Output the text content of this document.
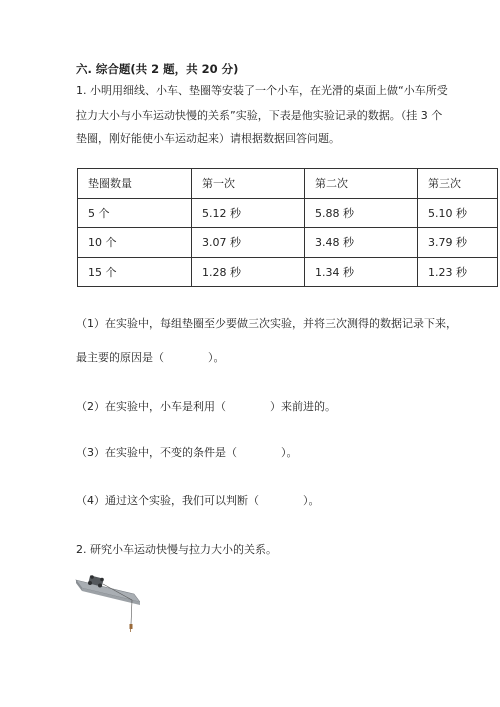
六. 综合题(共 2 题，共 20 分)
1. 小明用细线、小车、垫圈等安装了一个小车，在光滑的桌面上做“小车所受
拉力大小与小车运动快慢的关系”实验，下表是他实验记录的数据。（挂 3 个
垫圈，刚好能使小车运动起来）请根据数据回答问题。
垫圈数量	第一次	第二次	第三次
5 个	5.12 秒	5.88 秒	5.10 秒
10 个	3.07 秒	3.48 秒	3.79 秒
15 个	1.28 秒	1.34 秒	1.23 秒
（1）在实验中，每组垫圈至少要做三次实验，并将三次测得的数据记录下来，
最主要的原因是（　　　　）。
（2）在实验中，小车是利用（　　　　）来前进的。
（3）在实验中，不变的条件是（　　　　）。
（4）通过这个实验，我们可以判断（　　　　）。
2. 研究小车运动快慢与拉力大小的关系。
